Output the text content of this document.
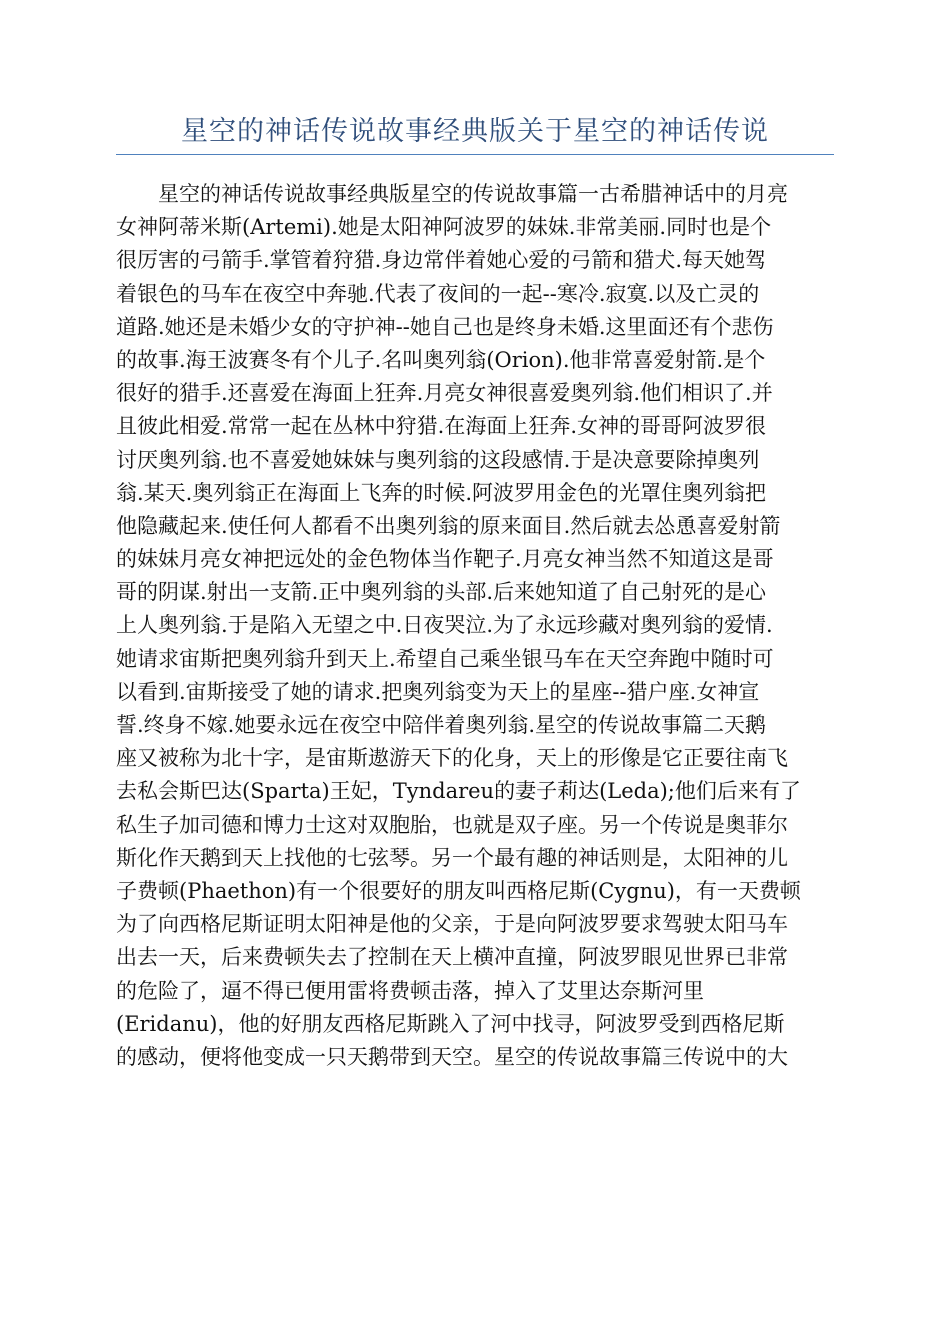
星空的神话传说故事经典版关于星空的神话传说
　　星空的神话传说故事经典版星空的传说故事篇一古希腊神话中的月亮
女神阿蒂米斯(Artemi).她是太阳神阿波罗的妹妹.非常美丽.同时也是个
很厉害的弓箭手.掌管着狩猎.身边常伴着她心爱的弓箭和猎犬.每天她驾
着银色的马车在夜空中奔驰.代表了夜间的一起--寒冷.寂寞.以及亡灵的
道路.她还是未婚少女的守护神--她自己也是终身未婚.这里面还有个悲伤
的故事.海王波赛冬有个儿子.名叫奥列翁(Orion).他非常喜爱射箭.是个
很好的猎手.还喜爱在海面上狂奔.月亮女神很喜爱奥列翁.他们相识了.并
且彼此相爱.常常一起在丛林中狩猎.在海面上狂奔.女神的哥哥阿波罗很
讨厌奥列翁.也不喜爱她妹妹与奥列翁的这段感情.于是决意要除掉奥列
翁.某天.奥列翁正在海面上飞奔的时候.阿波罗用金色的光罩住奥列翁把
他隐藏起来.使任何人都看不出奥列翁的原来面目.然后就去怂恿喜爱射箭
的妹妹月亮女神把远处的金色物体当作靶子.月亮女神当然不知道这是哥
哥的阴谋.射出一支箭.正中奥列翁的头部.后来她知道了自己射死的是心
上人奥列翁.于是陷入无望之中.日夜哭泣.为了永远珍藏对奥列翁的爱情.
她请求宙斯把奥列翁升到天上.希望自己乘坐银马车在天空奔跑中随时可
以看到.宙斯接受了她的请求.把奥列翁变为天上的星座--猎户座.女神宣
誓.终身不嫁.她要永远在夜空中陪伴着奥列翁.星空的传说故事篇二天鹅
座又被称为北十字，是宙斯遨游天下的化身，天上的形像是它正要往南飞
去私会斯巴达(Sparta)王妃，Tyndareu的妻子莉达(Leda);他们后来有了
私生子加司德和博力士这对双胞胎，也就是双子座。另一个传说是奥菲尔
斯化作天鹅到天上找他的七弦琴。另一个最有趣的神话则是，太阳神的儿
子费顿(Phaethon)有一个很要好的朋友叫西格尼斯(Cygnu)，有一天费顿
为了向西格尼斯证明太阳神是他的父亲，于是向阿波罗要求驾驶太阳马车
出去一天，后来费顿失去了控制在天上横冲直撞，阿波罗眼见世界已非常
的危险了，逼不得已便用雷将费顿击落，掉入了艾里达奈斯河里
(Eridanu)，他的好朋友西格尼斯跳入了河中找寻，阿波罗受到西格尼斯
的感动，便将他变成一只天鹅带到天空。星空的传说故事篇三传说中的大
